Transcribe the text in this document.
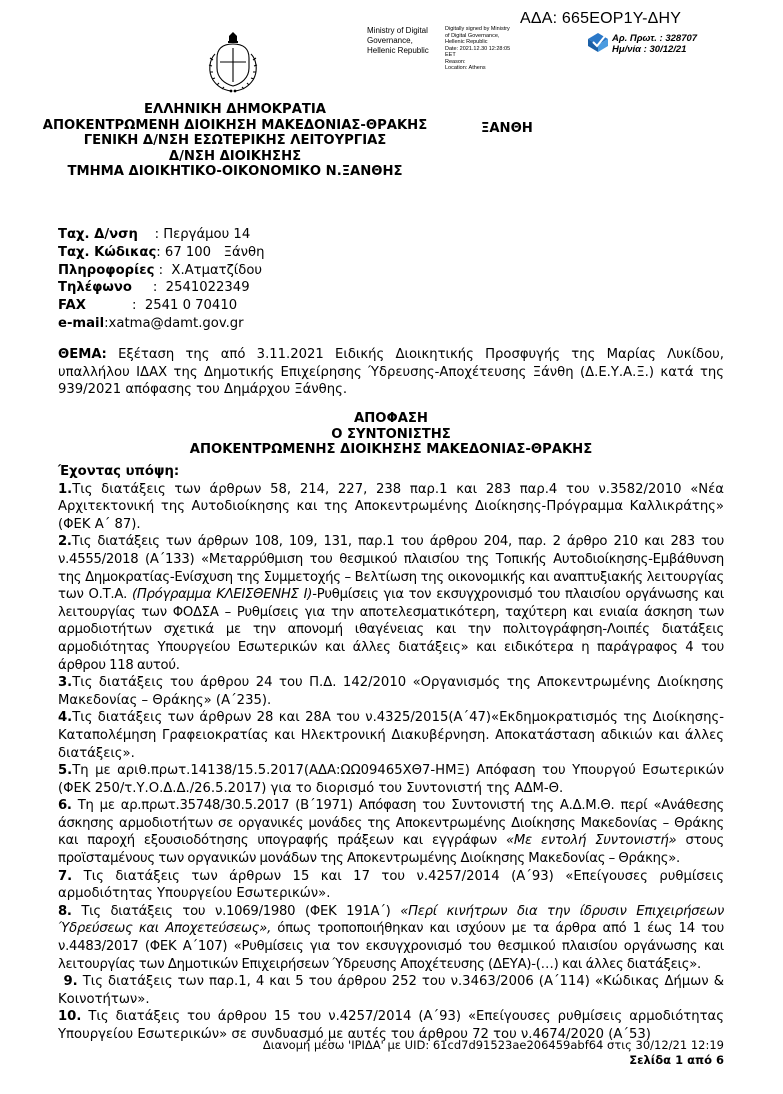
ΑΔΑ: 665ΕΟΡ1Υ-ΔΗΥ
Ministry of Digital
Governance,
Hellenic Republic
Digitally signed by Ministry
of Digital Governance,
Hellenic Republic
Date: 2021.12.30 12:28:05
EET
Reason:
Location: Athens
Αρ. Πρωτ. : 328707
Ημ/νία : 30/12/21
ΕΛΛΗΝΙΚΗ ΔΗΜΟΚΡΑΤΙΑ
ΑΠΟΚΕΝΤΡΩΜΕΝΗ ΔΙΟΙΚΗΣΗ ΜΑΚΕΔΟΝΙΑΣ-ΘΡΑΚΗΣ
ΓΕΝΙΚΗ Δ/ΝΣΗ ΕΣΩΤΕΡΙΚΗΣ ΛΕΙΤΟΥΡΓΙΑΣ
Δ/ΝΣΗ ΔΙΟΙΚΗΣΗΣ
ΤΜΗΜΑ ΔΙΟΙΚΗΤΙΚΟ-ΟΙΚΟΝΟΜΙΚΟ Ν.ΞΑΝΘΗΣ
ΞΑΝΘΗ
Ταχ. Δ/νση    : Περγάμου 14
Ταχ. Κώδικας: 67 100   Ξάνθη
Πληροφορίες :  Χ.Ατματζίδου
Τηλέφωνο     :  2541022349
FAX           :  2541 0 70410
e-mail:xatma@damt.gov.gr
ΘΕΜΑ: Εξέταση της από 3.11.2021 Ειδικής Διοικητικής Προσφυγής της Μαρίας Λυκίδου, υπαλλήλου ΙΔΑΧ της Δημοτικής Επιχείρησης Ύδρευσης-Αποχέτευσης Ξάνθη (Δ.Ε.Υ.Α.Ξ.) κατά της 939/2021 απόφασης του Δημάρχου Ξάνθης.
ΑΠΟΦΑΣΗ
Ο ΣΥΝΤΟΝΙΣΤΗΣ
ΑΠΟΚΕΝΤΡΩΜΕΝΗΣ ΔΙΟΙΚΗΣΗΣ ΜΑΚΕΔΟΝΙΑΣ-ΘΡΑΚΗΣ
Έχοντας υπόψη:
1.Τις διατάξεις των άρθρων 58, 214, 227, 238 παρ.1 και 283 παρ.4 του ν.3582/2010 «Νέα Αρχιτεκτονική της Αυτοδιοίκησης και της Αποκεντρωμένης Διοίκησης-Πρόγραμμα Καλλικράτης» (ΦΕΚ Α΄ 87).
2.Τις διατάξεις των άρθρων 108, 109, 131, παρ.1 του άρθρου 204, παρ. 2 άρθρο 210 και 283 του ν.4555/2018 (Α΄133) «Μεταρρύθμιση του θεσμικού πλαισίου της Τοπικής Αυτοδιοίκησης-Εμβάθυνση της Δημοκρατίας-Ενίσχυση της Συμμετοχής – Βελτίωση της οικονομικής και αναπτυξιακής λειτουργίας των Ο.Τ.Α. (Πρόγραμμα ΚΛΕΙΣΘΕΝΗΣ Ι)-Ρυθμίσεις για τον εκσυγχρονισμό του πλαισίου οργάνωσης και λειτουργίας των ΦΟΔΣΑ – Ρυθμίσεις για την αποτελεσματικότερη, ταχύτερη και ενιαία άσκηση των αρμοδιοτήτων σχετικά με την απονομή ιθαγένειας και την πολιτογράφηση-Λοιπές διατάξεις αρμοδιότητας Υπουργείου Εσωτερικών και άλλες διατάξεις» και ειδικότερα η παράγραφος 4 του άρθρου 118 αυτού.
3.Τις διατάξεις του άρθρου 24 του Π.Δ. 142/2010 «Οργανισμός της Αποκεντρωμένης Διοίκησης Μακεδονίας – Θράκης» (Α΄235).
4.Τις διατάξεις των άρθρων 28 και 28Α του ν.4325/2015(Α΄47)«Εκδημοκρατισμός της Διοίκησης-Καταπολέμηση Γραφειοκρατίας και Ηλεκτρονική Διακυβέρνηση. Αποκατάσταση αδικιών και άλλες διατάξεις».
5.Τη με αριθ.πρωτ.14138/15.5.2017(ΑΔΑ:ΩΩ09465ΧΘ7-ΗΜΞ) Απόφαση του Υπουργού Εσωτερικών (ΦΕΚ 250/τ.Υ.Ο.Δ.Δ./26.5.2017) για το διορισμό του Συντονιστή της ΑΔΜ-Θ.
6. Τη με αρ.πρωτ.35748/30.5.2017 (Β΄1971) Απόφαση του Συντονιστή της Α.Δ.Μ.Θ. περί «Ανάθεσης άσκησης αρμοδιοτήτων σε οργανικές μονάδες της Αποκεντρωμένης Διοίκησης Μακεδονίας – Θράκης και παροχή εξουσιοδότησης υπογραφής πράξεων και εγγράφων «Με εντολή Συντονιστή» στους προϊσταμένους των οργανικών μονάδων της Αποκεντρωμένης Διοίκησης Μακεδονίας – Θράκης».
7. Τις διατάξεις των άρθρων 15 και 17 του ν.4257/2014 (Α΄93) «Επείγουσες ρυθμίσεις αρμοδιότητας Υπουργείου Εσωτερικών».
8. Τις διατάξεις του ν.1069/1980 (ΦΕΚ 191Α΄) «Περί κινήτρων δια την ίδρυσιν Επιχειρήσεων Ύδρεύσεως και Αποχετεύσεως», όπως τροποποιήθηκαν και ισχύουν με τα άρθρα από 1 έως 14 του ν.4483/2017 (ΦΕΚ Α΄107) «Ρυθμίσεις για τον εκσυγχρονισμό του θεσμικού πλαισίου οργάνωσης και λειτουργίας των Δημοτικών Επιχειρήσεων Ύδρευσης Αποχέτευσης (ΔΕΥΑ)-(…) και άλλες διατάξεις».
9. Τις διατάξεις των παρ.1, 4 και 5 του άρθρου 252 του ν.3463/2006 (Α΄114) «Κώδικας Δήμων & Κοινοτήτων».
10. Τις διατάξεις του άρθρου 15 του ν.4257/2014 (Α΄93) «Επείγουσες ρυθμίσεις αρμοδιότητας Υπουργείου Εσωτερικών» σε συνδυασμό με αυτές του άρθρου 72 του ν.4674/2020 (Α΄53)
Διανομή μέσω 'ΙΡΙΔΑ' με UID: 61cd7d91523ae206459abf64 στις 30/12/21 12:19
Σελίδα 1 από 6
